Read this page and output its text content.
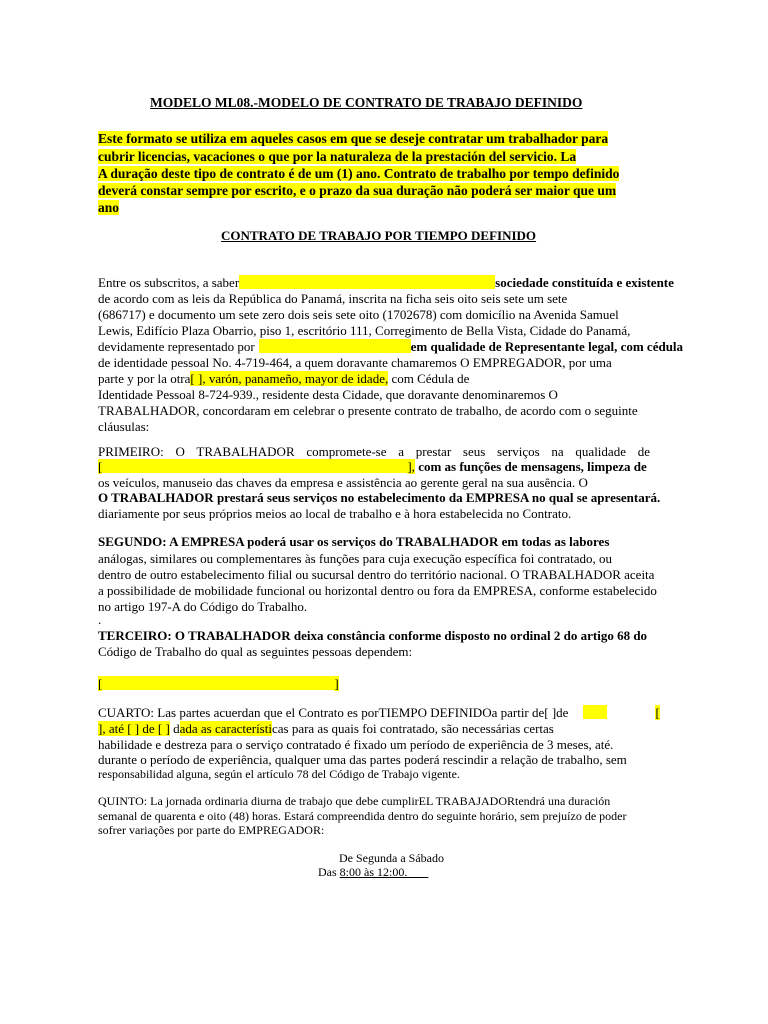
MODELO ML08.-MODELO DE CONTRATO DE TRABAJO DEFINIDO
Este formato se utiliza em aqueles casos em que se deseje contratar um trabalhador para
cubrir licencias, vacaciones o que por la naturaleza de la prestación del servicio. La
A duração deste tipo de contrato é de um (1) ano. Contrato de trabalho por tempo definido
deverá constar sempre por escrito, e o prazo da sua duração não poderá ser maior que um
ano
CONTRATO DE TRABAJO POR TIEMPO DEFINIDO
Entre os subscritos, a saber	sociedade constituída e existente
de acordo com as leis da República do Panamá, inscrita na ficha seis oito seis sete um sete
(686717) e documento um sete zero dois seis sete oito (1702678) com domicílio na Avenida Samuel
Lewis, Edifício Plaza Obarrio, piso 1, escritório 111, Corregimento de Bella Vista, Cidade do Panamá,
devidamente representado por	em qualidade de Representante legal, com cédula
de identidade pessoal No. 4-719-464, a quem doravante chamaremos O EMPREGADOR, por uma
parte y por la otra[ ], varón, panameño, mayor de idade, com Cédula de
Identidade Pessoal 8-724-939., residente desta Cidade, que doravante denominaremos O
TRABALHADOR, concordaram em celebrar o presente contrato de trabalho, de acordo com o seguinte
cláusulas:
PRIMEIRO: O TRABALHADOR compromete-se a prestar seus serviços na qualidade de
[	], com as funções de mensagens, limpeza de
os veículos, manuseio das chaves da empresa e assistência ao gerente geral na sua ausência. O
O TRABALHADOR prestará seus serviços no estabelecimento da EMPRESA no qual se apresentará.
diariamente por seus próprios meios ao local de trabalho e à hora estabelecida no Contrato.
SEGUNDO: A EMPRESA poderá usar os serviços do TRABALHADOR em todas as labores
análogas, similares ou complementares às funções para cuja execução específica foi contratado, ou
dentro de outro estabelecimento filial ou sucursal dentro do território nacional. O TRABALHADOR aceita
a possibilidade de mobilidade funcional ou horizontal dentro ou fora da EMPRESA, conforme estabelecido
no artigo 197-A do Código do Trabalho.
.
TERCEIRO: O TRABALHADOR deixa constância conforme disposto no ordinal 2 do artigo 68 do
Código de Trabalho do qual as seguintes pessoas dependem:
[	]
CUARTO: Las partes acuerdan que el Contrato es porTIEMPO DEFINIDOa partir de[ ]de	[
], até [ ] de [ ] dada as características para as quais foi contratado, são necessárias certas
habilidade e destreza para o serviço contratado é fixado um período de experiência de 3 meses, até.
durante o período de experiência, qualquer uma das partes poderá rescindir a relação de trabalho, sem
responsabilidad alguna, según el artículo 78 del Código de Trabajo vigente.
QUINTO: La jornada ordinaria diurna de trabajo que debe cumplirEL TRABAJADORtendrá una duración
semanal de quarenta e oito (48) horas. Estará compreendida dentro do seguinte horário, sem prejuízo de poder
sofrer variações por parte do EMPREGADOR:
De Segunda a Sábado
Das 8:00 às 12:00.
